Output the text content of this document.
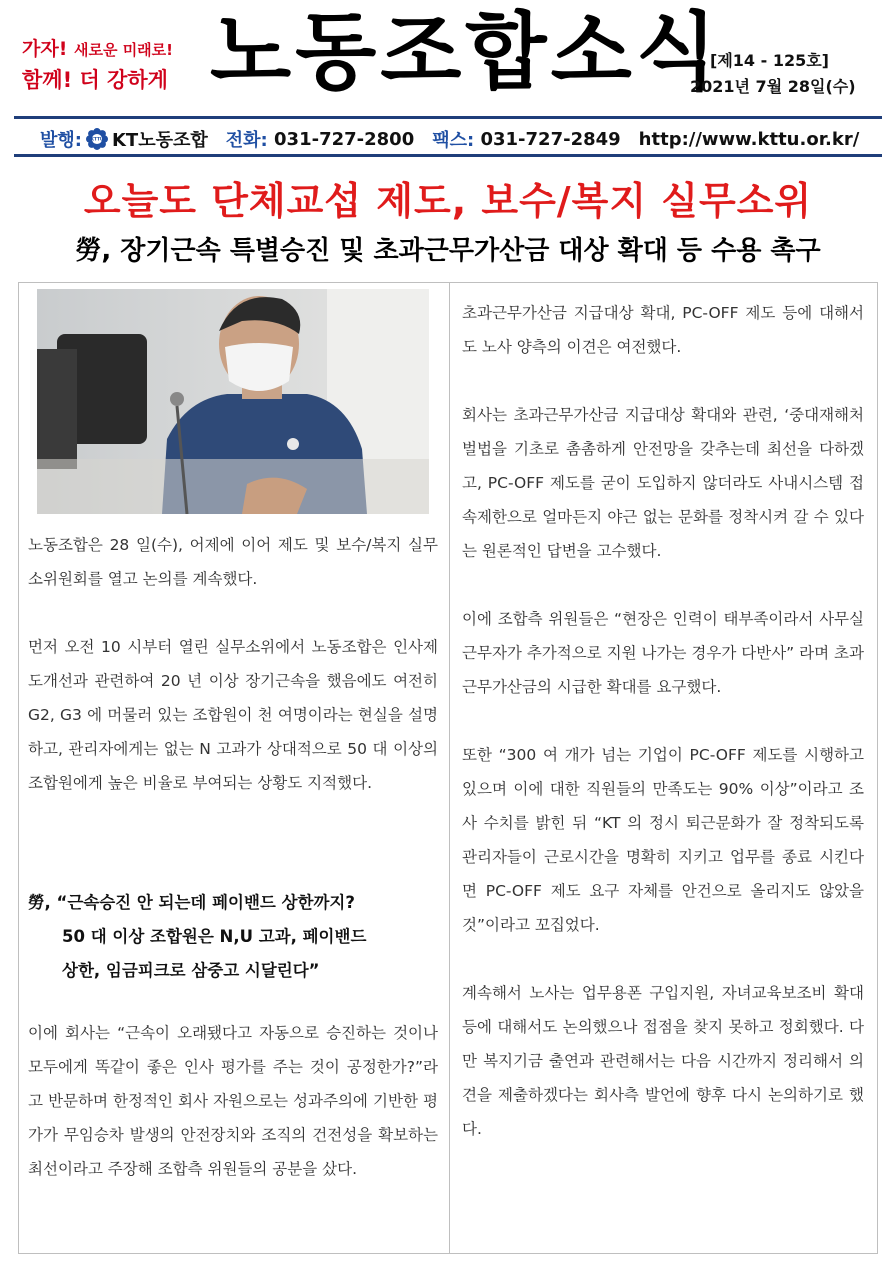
가자! 새로운 미래로!
함께! 더 강하게 노동조합소식
[제14 - 125호]
2021년 7월 28일(수)
발행: KTTU KT노동조합 전화:
031-727-2800 팩스:
031-727-2849 http://www.kttu.or.kr/
오늘도 단체교섭 제도, 보수/복지 실무소위
勞, 장기근속 특별승진 및 초과근무가산금 대상 확대 등 수용 촉구

노동조합은 28 일(수), 어제에 이어 제도 및 보수/복지 실무소위원회를 열고 논의를 계속했다.

먼저 오전 10 시부터 열린 실무소위에서 노동조합은 인사제도개선과 관련하여 20 년 이상 장기근속을 했음에도 여전히 G2, G3 에 머물러 있는 조합원이 천 여명이라는 현실을 설명하고, 관리자에게는 없는 N 고과가 상대적으로 50 대 이상의 조합원에게 높은 비율로 부여되는 상황도 지적했다.

勞, “근속승진 안 되는데 페이밴드 상한까지?
50 대 이상 조합원은 N,U 고과, 페이밴드
상한, 임금피크로 삼중고 시달린다”

이에 회사는 “근속이 오래됐다고 자동으로 승진하는 것이나 모두에게 똑같이 좋은 인사 평가를 주는 것이 공정한가?”라고 반문하며 한정적인 회사 자원으로는 성과주의에 기반한 평가가 무임승차 발생의 안전장치와 조직의 건전성을 확보하는 최선이라고 주장해 조합측 위원들의 공분을 샀다.

초과근무가산금 지급대상 확대, PC-OFF 제도 등에 대해서도 노사 양측의 이견은 여전했다.

회사는 초과근무가산금 지급대상 확대와 관련, ‘중대재해처벌법을 기초로 촘촘하게 안전망을 갖추는데 최선을 다하겠고, PC-OFF 제도를 굳이 도입하지 않더라도 사내시스템 접속제한으로 얼마든지 야근 없는 문화를 정착시켜 갈 수 있다는 원론적인 답변을 고수했다.

이에 조합측 위원들은 “현장은 인력이 태부족이라서 사무실 근무자가 추가적으로 지원 나가는 경우가 다반사” 라며 초과근무가산금의 시급한 확대를 요구했다.

또한 “300 여 개가 넘는 기업이 PC-OFF 제도를 시행하고 있으며 이에 대한 직원들의 만족도는 90% 이상”이라고 조사 수치를 밝힌 뒤 “KT 의 정시 퇴근문화가 잘 정착되도록 관리자들이 근로시간을 명확히 지키고 업무를 종료 시킨다면 PC-OFF 제도 요구 자체를 안건으로 올리지도 않았을 것”이라고 꼬집었다.

계속해서 노사는 업무용폰 구입지원, 자녀교육보조비 확대 등에 대해서도 논의했으나 접점을 찾지 못하고 정회했다. 다만 복지기금 출연과 관련해서는 다음 시간까지 정리해서 의견을 제출하겠다는 회사측 발언에 향후 다시 논의하기로 했다.
